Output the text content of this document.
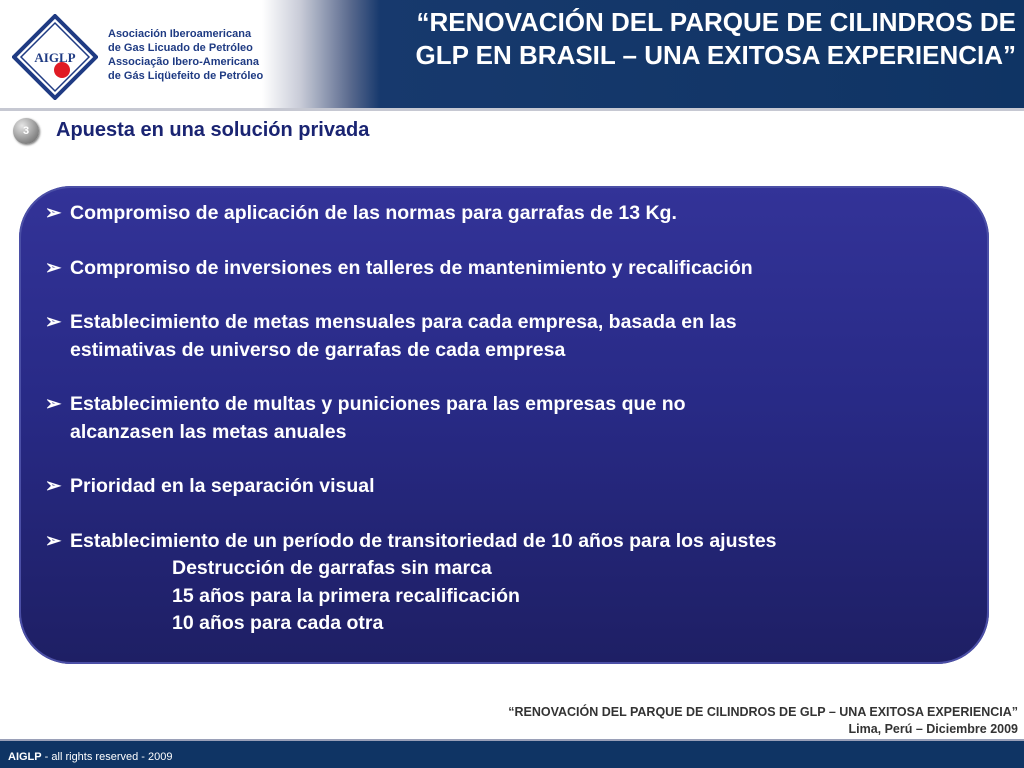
AIGLP
Asociación Iberoamericana
de Gas Licuado de Petróleo
Associação Ibero-Americana
de Gás Liqüefeito de Petróleo
“RENOVACIÓN DEL PARQUE DE CILINDROS DE
GLP EN BRASIL – UNA EXITOSA EXPERIENCIA”
3	Apuesta en una solución privada
➢ Compromiso de aplicación de las normas para garrafas de 13 Kg.
➢ Compromiso de inversiones en talleres de mantenimiento y recalificación
➢ Establecimiento de metas mensuales para cada empresa, basada en las
estimativas de universo de garrafas de cada empresa
➢ Establecimiento de multas y puniciones para las empresas que no
alcanzasen las metas anuales
➢ Prioridad en la separación visual
➢ Establecimiento de un período de transitoriedad de 10 años para los ajustes
Destrucción de garrafas sin marca
15 años para la primera recalificación
10 años para cada otra
“RENOVACIÓN DEL PARQUE DE CILINDROS DE GLP – UNA EXITOSA EXPERIENCIA”
Lima, Perú – Diciembre 2009
AIGLP - all rights reserved - 2009
